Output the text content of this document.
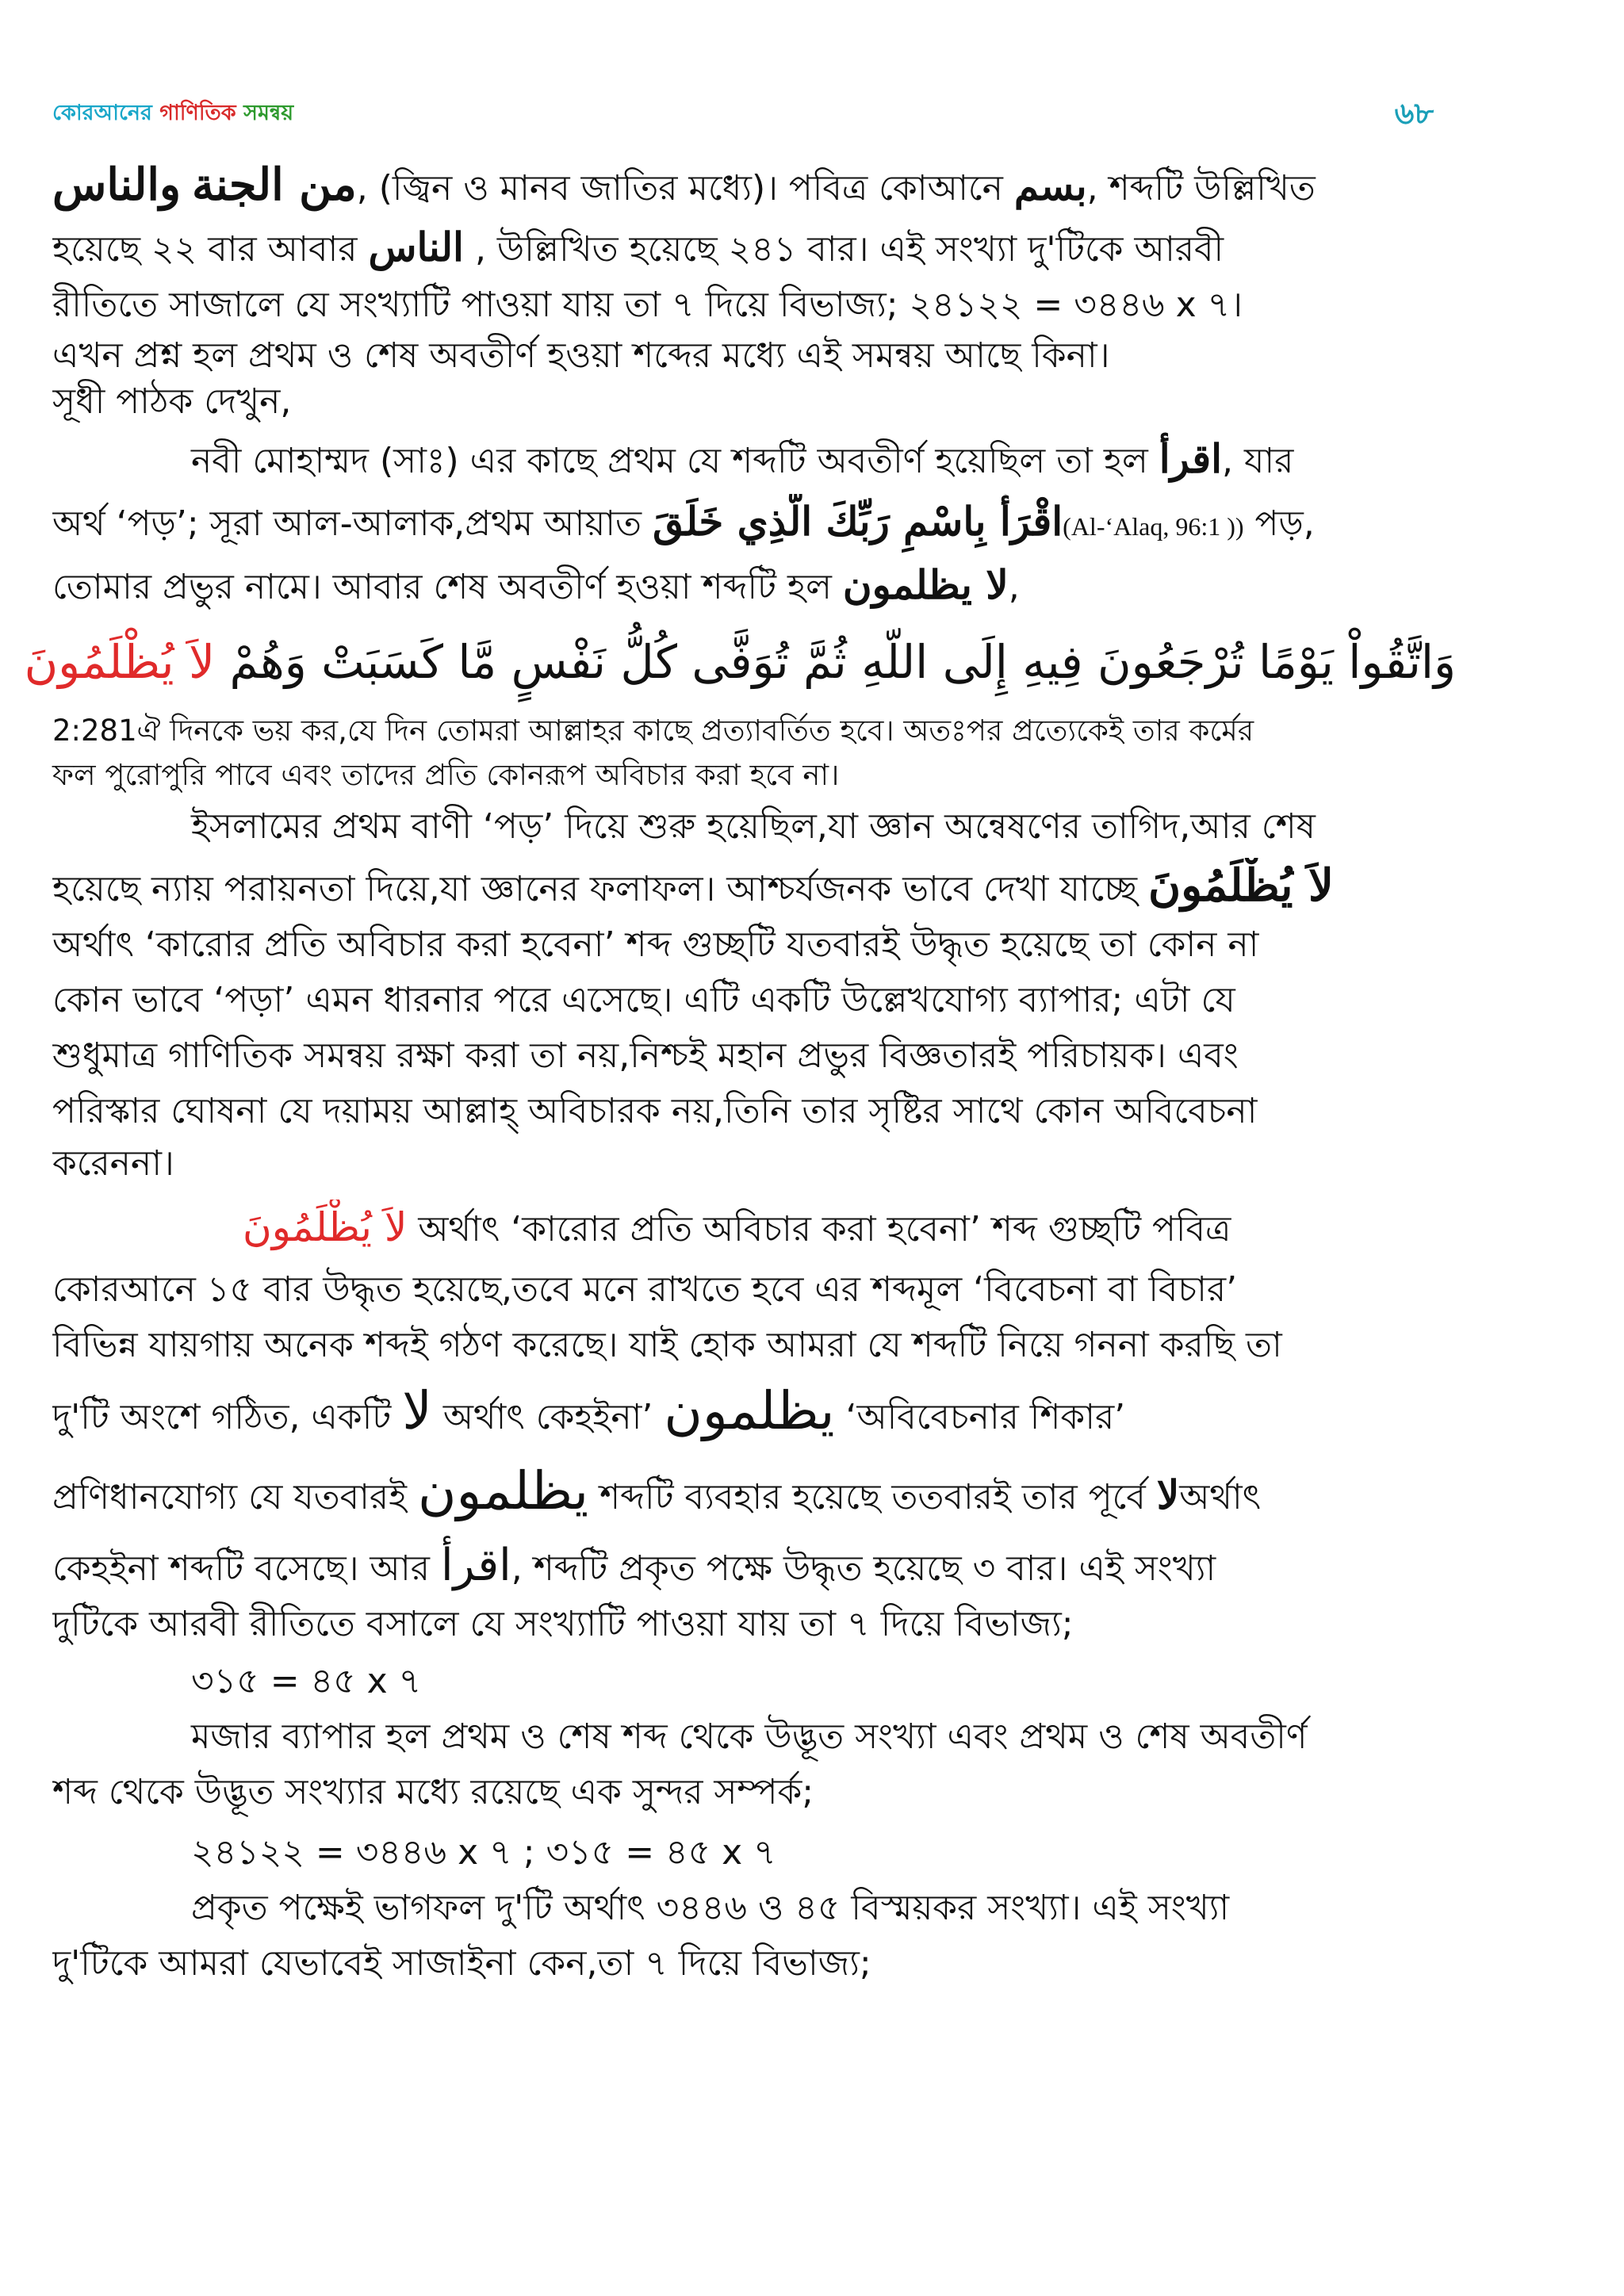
কোরআনের গাণিতিক সমন্বয়	৬৮
والناس من الجنة, (জ্বিন ও মানব জাতির মধ্যে)। পবিত্র কোআনে بسم, শব্দটি উল্লিখিত
হয়েছে ২২ বার আবার الناس , উল্লিখিত হয়েছে ২৪১ বার। এই সংখ্যা দু'টিকে আরবী
রীতিতে সাজালে যে সংখ্যাটি পাওয়া যায় তা ৭ দিয়ে বিভাজ্য; ২৪১২২ = ৩৪৪৬ x ৭।
এখন প্রশ্ন হল প্রথম ও শেষ অবতীর্ণ হওয়া শব্দের মধ্যে এই সমন্বয় আছে কিনা।
সূধী পাঠক দেখুন,
নবী মোহাম্মদ (সাঃ) এর কাছে প্রথম যে শব্দটি অবতীর্ণ হয়েছিল তা হল اقرأ, যার
অর্থ ‘পড়’; সূরা আল-আলাক,প্রথম আয়াত اقْرَأْ بِاسْمِ رَبِّكَ الَّذِي خَلَقَ(Al-‘Alaq, 96:1 )) পড়,
তোমার প্রভুর নামে। আবার শেষ অবতীর্ণ হওয়া শব্দটি হল لا يظلمون,
وَاتَّقُواْ يَوْمًا تُرْجَعُونَ فِيهِ إِلَى اللّهِ ثُمَّ تُوَفَّى كُلُّ نَفْسٍ مَّا كَسَبَتْ وَهُمْ لاَ يُظْلَمُونَ
2:281ঐ দিনকে ভয় কর,যে দিন তোমরা আল্লাহর কাছে প্রত্যাবর্তিত হবে। অতঃপর প্রত্যেকেই তার কর্মের
ফল পুরোপুরি পাবে এবং তাদের প্রতি কোনরূপ অবিচার করা হবে না।
ইসলামের প্রথম বাণী ‘পড়’ দিয়ে শুরু হয়েছিল,যা জ্ঞান অন্বেষণের তাগিদ,আর শেষ
হয়েছে ন্যায় পরায়নতা দিয়ে,যা জ্ঞানের ফলাফল। আশ্চর্যজনক ভাবে দেখা যাচ্ছে لاَ يُظْلَمُونَ
অর্থাৎ ‘কারোর প্রতি অবিচার করা হবেনা’ শব্দ গুচ্ছটি যতবারই উদ্ধৃত হয়েছে তা কোন না
কোন ভাবে ‘পড়া’ এমন ধারনার পরে এসেছে। এটি একটি উল্লেখযোগ্য ব্যাপার; এটা যে
শুধুমাত্র গাণিতিক সমন্বয় রক্ষা করা তা নয়,নিশ্চই মহান প্রভুর বিজ্ঞতারই পরিচায়ক। এবং
পরিস্কার ঘোষনা যে দয়াময় আল্লাহ্ অবিচারক নয়,তিনি তার সৃষ্টির সাথে কোন অবিবেচনা
করেননা।
لاَ يُظْلَمُونَ অর্থাৎ ‘কারোর প্রতি অবিচার করা হবেনা’ শব্দ গুচ্ছটি পবিত্র
কোরআনে ১৫ বার উদ্ধৃত হয়েছে,তবে মনে রাখতে হবে এর শব্দমূল ‘বিবেচনা বা বিচার’
বিভিন্ন যায়গায় অনেক শব্দই গঠণ করেছে। যাই হোক আমরা যে শব্দটি নিয়ে গননা করছি তা
দু'টি অংশে গঠিত, একটি لا অর্থাৎ কেহইনা’ يظلمون ‘অবিবেচনার শিকার’
প্রণিধানযোগ্য যে যতবারই يظلمون শব্দটি ব্যবহার হয়েছে ততবারই তার পূর্বে لاঅর্থাৎ
কেহইনা শব্দটি বসেছে। আর اقرأ, শব্দটি প্রকৃত পক্ষে উদ্ধৃত হয়েছে ৩ বার। এই সংখ্যা
দুটিকে আরবী রীতিতে বসালে যে সংখ্যাটি পাওয়া যায় তা ৭ দিয়ে বিভাজ্য;
৩১৫ = ৪৫ x ৭
মজার ব্যাপার হল প্রথম ও শেষ শব্দ থেকে উদ্ভূত সংখ্যা এবং প্রথম ও শেষ অবতীর্ণ
শব্দ থেকে উদ্ভূত সংখ্যার মধ্যে রয়েছে এক সুন্দর সম্পর্ক;
২৪১২২ = ৩৪৪৬ x ৭ ; ৩১৫ = ৪৫ x ৭
প্রকৃত পক্ষেই ভাগফল দু'টি অর্থাৎ ৩৪৪৬ ও ৪৫ বিস্ময়কর সংখ্যা। এই সংখ্যা
দু'টিকে আমরা যেভাবেই সাজাইনা কেন,তা ৭ দিয়ে বিভাজ্য;
